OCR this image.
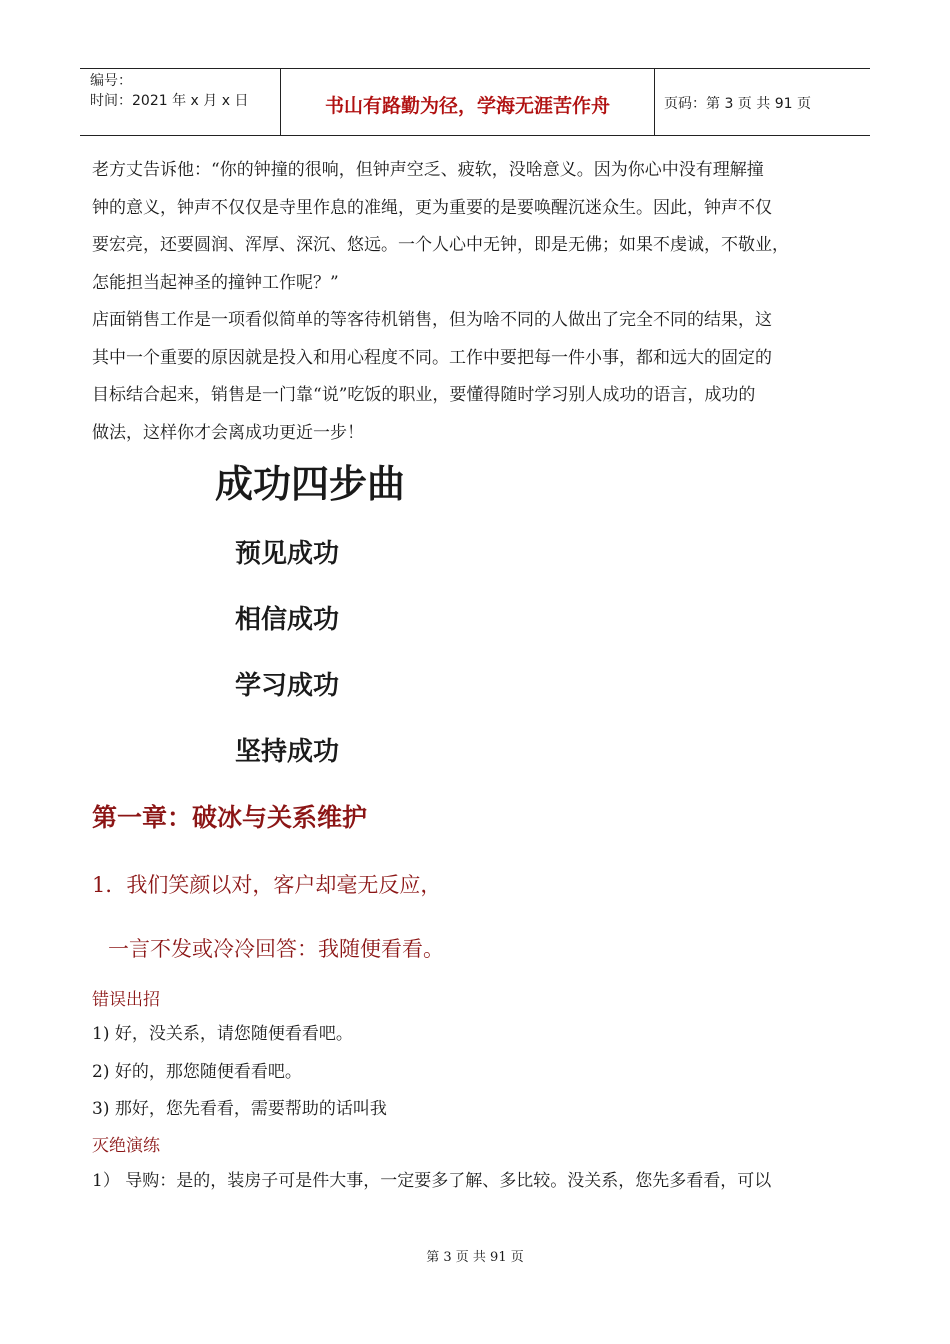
编号：
时间：2021 年 x 月 x 日	书山有路勤为径，学海无涯苦作舟	页码：第 3 页 共 91 页
老方丈告诉他：“你的钟撞的很响，但钟声空乏、疲软，没啥意义。因为你心中没有理解撞
钟的意义，钟声不仅仅是寺里作息的准绳，更为重要的是要唤醒沉迷众生。因此，钟声不仅
要宏亮，还要圆润、浑厚、深沉、悠远。一个人心中无钟，即是无佛；如果不虔诚，不敬业，
怎能担当起神圣的撞钟工作呢？”
店面销售工作是一项看似简单的等客待机销售，但为啥不同的人做出了完全不同的结果，这
其中一个重要的原因就是投入和用心程度不同。工作中要把每一件小事，都和远大的固定的
目标结合起来，销售是一门靠“说”吃饭的职业，要懂得随时学习别人成功的语言，成功的
做法，这样你才会离成功更近一步！
成功四步曲

预见成功

相信成功

学习成功

坚持成功

第一章：破冰与关系维护

1．我们笑颜以对，客户却毫无反应，

一言不发或冷冷回答：我随便看看。

错误出招

1) 好，没关系，请您随便看看吧。

2) 好的，那您随便看看吧。

3) 那好，您先看看，需要帮助的话叫我

灭绝演练

1） 导购：是的，装房子可是件大事，一定要多了解、多比较。没关系，您先多看看，可以

第 3 页 共 91 页
